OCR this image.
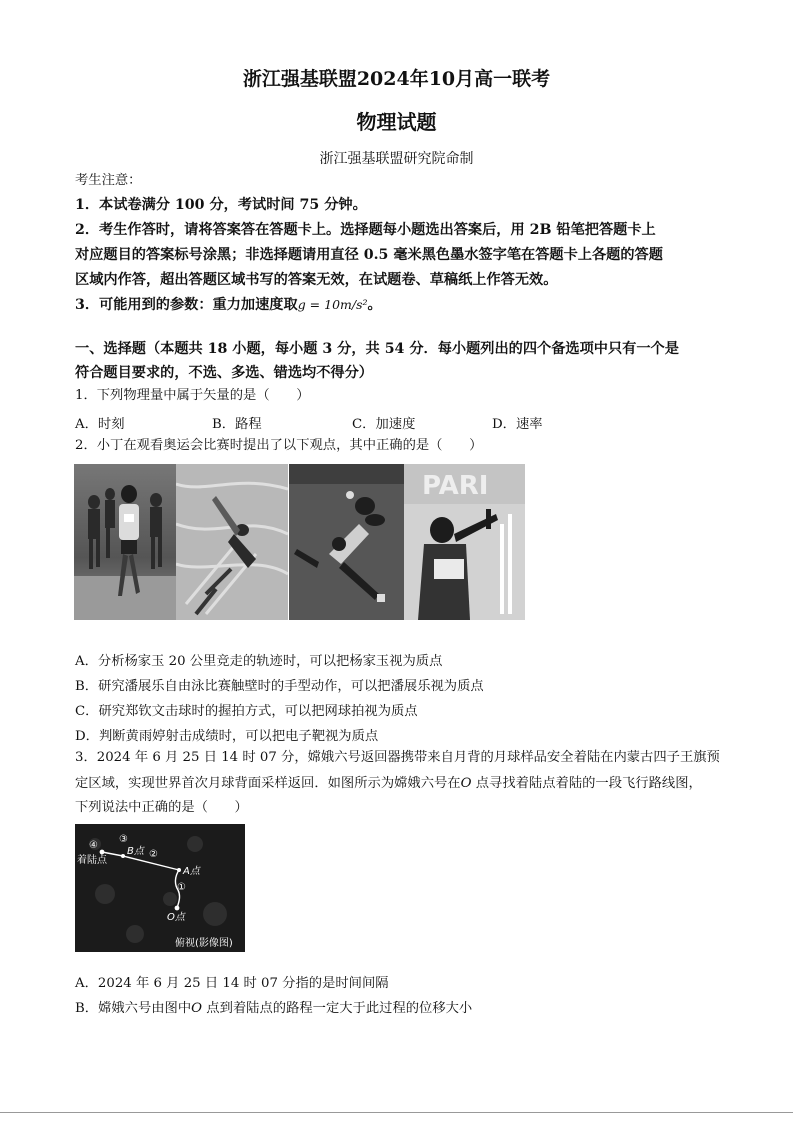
浙江强基联盟2024年10月高一联考
物理试题
浙江强基联盟研究院命制
考生注意：
1．本试卷满分 100 分，考试时间 75 分钟。
2．考生作答时，请将答案答在答题卡上。选择题每小题选出答案后，用 2B 铅笔把答题卡上
对应题目的答案标号涂黑；非选择题请用直径 0.5 毫米黑色墨水签字笔在答题卡上各题的答题
区域内作答，超出答题区域书写的答案无效，在试题卷、草稿纸上作答无效。
3．可能用到的参数：重力加速度取g = 10m/s²。
一、选择题（本题共 18 小题，每小题 3 分，共 54 分．每小题列出的四个备选项中只有一个是
符合题目要求的，不选、多选、错选均不得分）
1．下列物理量中属于矢量的是（　　）
A．时刻	B．路程	C．加速度	D．速率
2．小丁在观看奥运会比赛时提出了以下观点，其中正确的是（　　）
PARI
A．分析杨家玉 20 公里竞走的轨迹时，可以把杨家玉视为质点
B．研究潘展乐自由泳比赛触壁时的手型动作，可以把潘展乐视为质点
C．研究郑钦文击球时的握拍方式，可以把网球拍视为质点
D．判断黄雨婷射击成绩时，可以把电子靶视为质点
3．2024 年 6 月 25 日 14 时 07 分，嫦娥六号返回器携带来自月背的月球样品安全着陆在内蒙古四子王旗预
定区域，实现世界首次月球背面采样返回．如图所示为嫦娥六号在O 点寻找着陆点着陆的一段飞行路线图，
下列说法中正确的是（　　）
④
着陆点
③
B点 ②
A点
①
O点
俯视(影像图)
A．2024 年 6 月 25 日 14 时 07 分指的是时间间隔
B．嫦娥六号由图中O 点到着陆点的路程一定大于此过程的位移大小
